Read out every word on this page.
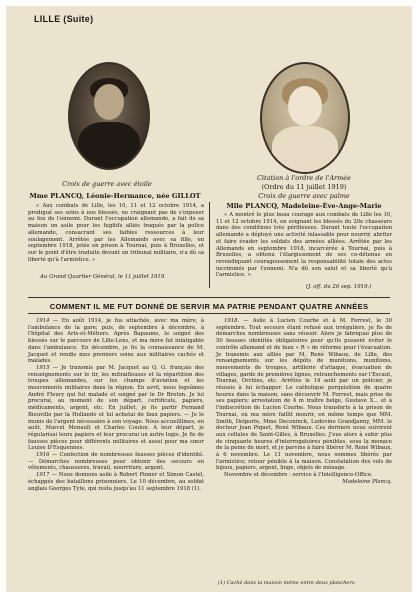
LILLE (Suite)
Croix de guerre avec étoile
Mme PLANCQ, Léonie-Hermance, née GILLOT

« Aux combats de Lille, les 10, 11 et 12 octobre 1914, a prodigué ses soins à nos blessés, ne craignant pas de s'exposer au feu de l'ennemi. Durant l'occupation allemande, a fait de sa maison un asile pour les fugitifs alliés traqués par la police allemande, consacrant ses faibles ressources à leur soulagement. Arrêtée par les Allemands avec sa fille, en septembre 1918, jetée en prison à Tournai, puis à Bruxelles, et sur le point d'être traduite devant un tribunal militaire, n'a dû sa liberté qu'à l'armistice. »

Au Grand Quartier Général, le 11 juillet 1919.
Citation à l'ordre de l'Armée
(Ordre du 11 juillet 1919)
Croix de guerre avec palme
Mlle PLANCQ, Madeleine-Ève-Ange-Marie

« A montré le plus beau courage aux combats de Lille les 10, 11 et 12 octobre 1914, en soignant les blessés du 20e chasseurs dans des conditions très périlleuses. Durant toute l'occupation allemande a déployé une activité inlassable pour nourrir, abriter et faire évader les soldats des armées alliées. Arrêtée par les Allemands en septembre 1918, incarcérée à Tournai, puis à Bruxelles, a obtenu l'élargissement de ses co-détenus en revendiquant courageusement la responsabilité totale des actes incriminés par l'ennemi. N'a dû son salut et sa liberté qu'à l'armistice. »

(J. off. du 26 sep. 1919.)
COMMENT IL ME FUT DONNÉ DE SERVIR MA PATRIE PENDANT QUATRE ANNÉES

1914 — En août 1914, je fus attachée, avec ma mère, à l'ambulance de la gare; puis, de septembre à décembre, à l'hôpital des Arts-et-Métiers. Après Bapaume, le soigné des blessés sur le parcours de Lille-Lens, et ma mère fut infatigable dans l'ambulance. En décembre, je fis la connaissance de M. Jacquet et rendis mes premiers soins aux militaires cachés et malades.

1915 — Je transmis par M. Jacquet au Q. G. français des renseignements sur le tir, les mitrailleuses et la répartition des troupes allemandes, sur les champs d'aviation et les mouvements militaires dans la région. En avril, nous logeâmes André Fleury qui fut malade et soigné par le Dr Breton. Je lui procurai, au moment de son départ, certificats, papiers, médicaments, argent, etc. En juillet, je fis partir Fernand Bieuville par la Hollande et lui achetai de faux papiers. — Je le munis de l'argent nécessaire à son voyage. Nous accueillîmes, en août, Marcel Menault et Charles Coulon. A leur départ, je régularisai leurs papiers et leur procurai un autre logis. Je fis de fausses pièces pour différents militaires et aussi pour ma sœur Louise D'Esquennes.

1916 — Confection de nombreuses fausses pièces d'identité. — Démarches nombreuses pour obtenir des secours en vêtements, chaussures, travail, nourriture, argent.

1917 — Nous donnons asile à Robert Pinner et Simon Castel, échappés des bataillons prisonniers. Le 10 décembre, au soldat anglais Georges Tyte, qui resta jusqu'au 11 septembre 1918 (1).

1918. — Asile à Lucien Courbe et à M. Forrest, le 30 septembre. Tout secours étant refusé aux irréguliers, je fis de démarches nombreuses sans réussir. Alors je fabriquai plus de 50 fausses identités obligatoires pour qu'ils pussent éviter le contrôle allemand et de faux « R » de réforme pour l'évacuation. Je transmis aux alliés par M. René Wibaux, de Lille, des renseignements sur les dépôts de munitions, munitions, mouvements de troupes, artillerie d'attaque, évacuation de villages, garde de premières lignes, retranchements sur l'Escaut, Tournai, Orchies, etc. Arrêtée le 14 août par un policier, je réussis à lui échapper. Le catholique perquisition de quatre heures dans la maison, sans découvrir M. Forrest, mais prise de ses papiers; arrestation de 4 m traître belge, Gustave X... et à l'indiscrétion de Lucien Courbe. Nous transferts à la prison de Tournai, où ma mère faillit mourir, en même temps que MM. Smith, Delporte, Mme Deconinck, Ludovine Grandjanny, MM. le docteur Jean Piquet, René Wibaux. Ces derniers nous suivirent aux cellules de Saint-Gilles, à Bruxelles. J'eus alors à subir plus de cinquante heures d'interrogatoires pénibles, sous la menace de la peine de mort, et je parvins à faire libérer M. René Wibaux, à 6 novembre. Le 11 novembre, nous sommes libérés par l'armistice; retour pénible à la maison. Constatation des vols de bijoux, papiers, argent, linge, objets de ménage.

Novembre et décembre : service à l'Intelligence-Office.

Madeleine Plancq.

(1) Caché dans la maison même entre deux planchers.
